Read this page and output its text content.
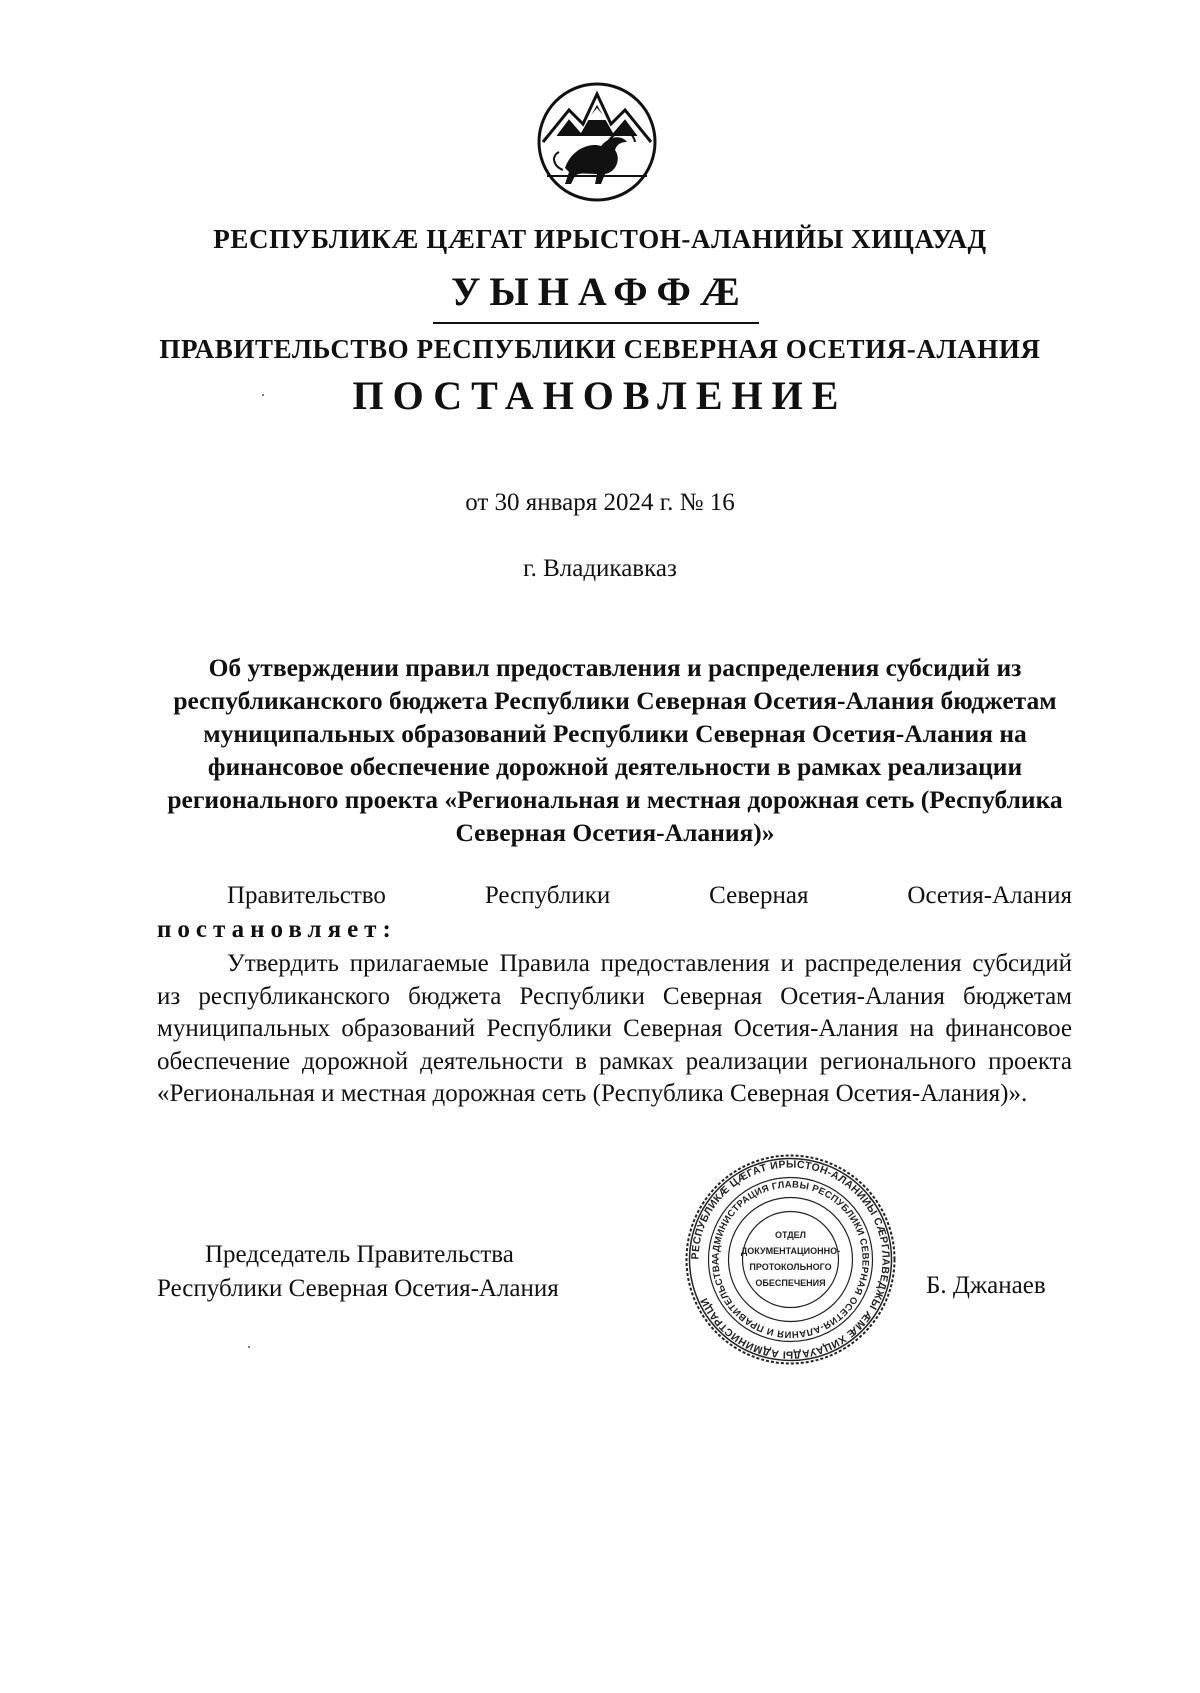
РЕСПУБЛИКÆ ЦÆГАТ ИРЫСТОН-АЛАНИЙЫ ХИЦАУАД
УЫНАФФÆ
ПРАВИТЕЛЬСТВО РЕСПУБЛИКИ СЕВЕРНАЯ ОСЕТИЯ-АЛАНИЯ
ПОСТАНОВЛЕНИЕ
от 30 января 2024 г. № 16
г. Владикавказ
Об утверждении правил предоставления и распределения субсидий из республиканского бюджета Республики Северная Осетия-Алания бюджетам муниципальных образований Республики Северная Осетия-Алания на финансовое обеспечение дорожной деятельности в рамках реализации регионального проекта «Региональная и местная дорожная сеть (Республика Северная Осетия-Алания)»
Правительство	Республики	Северная	Осетия-Алания
постановляет:

Утвердить прилагаемые Правила предоставления и распределения субсидий из республиканского бюджета Республики Северная Осетия-Алания бюджетам муниципальных образований Республики Северная Осетия-Алания на финансовое обеспечение дорожной деятельности в рамках реализации регионального проекта «Региональная и местная дорожная сеть (Республика Северная Осетия-Алания)».

Председатель Правительства
Республики Северная Осетия-Алания	Б. Джанаев
РЕСПУБЛИКÆ ЦÆГАТ ИРЫСТОН-АЛАНИЙЫ СÆРГЛАВЕДЖЫ ÆМÆ ХИЦАУАДЫ АДМИНИСТРАЦИ
АДМИНИСТРАЦИЯ ГЛАВЫ РЕСПУБЛИКИ СЕВЕРНАЯ ОСЕТИЯ-АЛАНИЯ И ПРАВИТЕЛЬСТВА
ОТДЕЛ
ДОКУМЕНТАЦИОННО-
ПРОТОКОЛЬНОГО
ОБЕСПЕЧЕНИЯ
